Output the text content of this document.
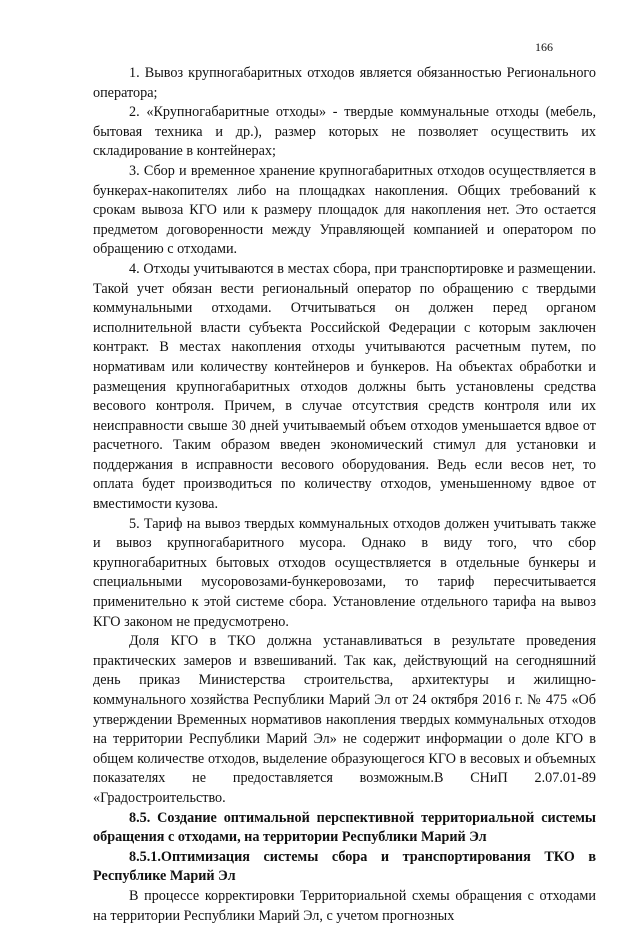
166

1. Вывоз крупногабаритных отходов является обязанностью Регионального оператора;

2. «Крупногабаритные отходы» - твердые коммунальные отходы (мебель, бытовая техника и др.), размер которых не позволяет осуществить их складирование в контейнерах;

3. Сбор и временное хранение крупногабаритных отходов осуществляется в бункерах-накопителях либо на площадках накопления. Общих требований к срокам вывоза КГО или к размеру площадок для накопления нет. Это остается предметом договоренности между Управляющей компанией и оператором по обращению с отходами.

4. Отходы учитываются в местах сбора, при транспортировке и размещении. Такой учет обязан вести региональный оператор по обращению с твердыми коммунальными отходами. Отчитываться он должен перед органом исполнительной власти субъекта Российской Федерации с которым заключен контракт. В местах накопления отходы учитываются расчетным путем, по нормативам или количеству контейнеров и бункеров. На объектах обработки и размещения крупногабаритных отходов должны быть установлены средства весового контроля. Причем, в случае отсутствия средств контроля или их неисправности свыше 30 дней учитываемый объем отходов уменьшается вдвое от расчетного. Таким образом введен экономический стимул для установки и поддержания в исправности весового оборудования. Ведь если весов нет, то оплата будет производиться по количеству отходов, уменьшенному вдвое от вместимости кузова.

5. Тариф на вывоз твердых коммунальных отходов должен учитывать также и вывоз крупногабаритного мусора. Однако в виду того, что сбор крупногабаритных бытовых отходов осуществляется в отдельные бункеры и специальными мусоровозами-бункеровозами, то тариф пересчитывается применительно к этой системе сбора. Установление отдельного тарифа на вывоз КГО законом не предусмотрено.

Доля КГО в ТКО должна устанавливаться в результате проведения практических замеров и взвешиваний. Так как, действующий на сегодняшний день приказ Министерства строительства, архитектуры и жилищно-коммунального хозяйства Республики Марий Эл от 24 октября 2016 г. № 475 «Об утверждении Временных нормативов накопления твердых коммунальных отходов на территории Республики Марий Эл» не содержит информации о доле КГО в общем количестве отходов, выделение образующегося КГО в весовых и объемных показателях не предоставляется возможным.В СНиП 2.07.01-89 «Градостроительство.

8.5. Создание оптимальной перспективной территориальной системы обращения с отходами, на территории Республики Марий Эл

8.5.1.Оптимизация системы сбора и транспортирования ТКО в Республике Марий Эл

В процессе корректировки Территориальной схемы обращения с отходами на территории Республики Марий Эл, с учетом прогнозных
